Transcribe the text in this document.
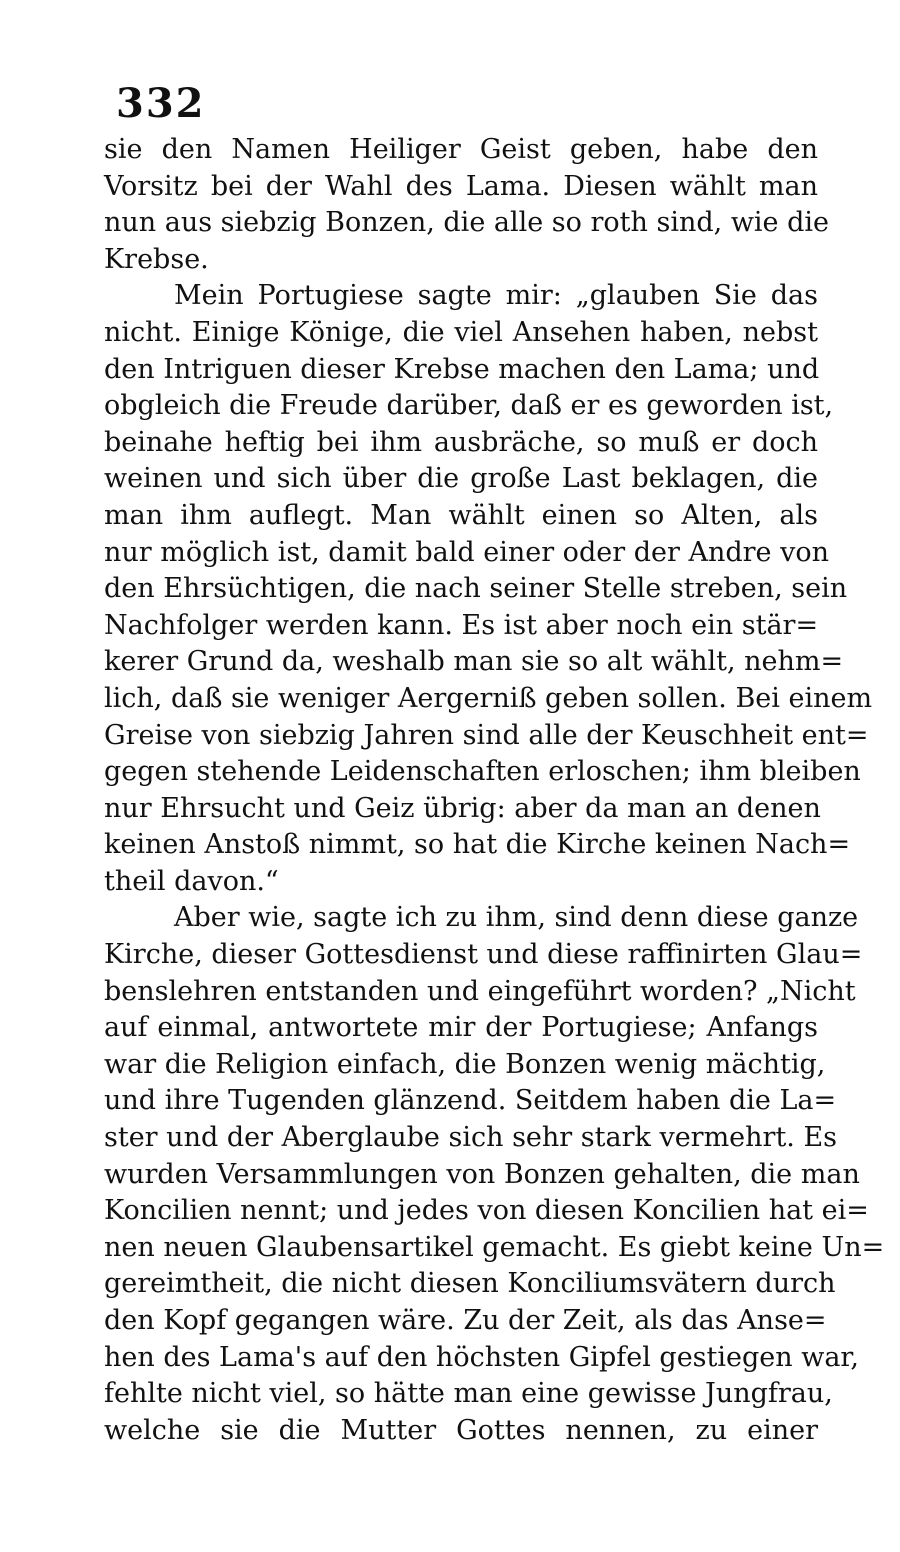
332
sie den Namen Heiliger Geist geben, habe den
Vorsitz bei der Wahl des Lama. Diesen wählt man
nun aus siebzig Bonzen, die alle so roth sind, wie die
Krebse.
Mein Portugiese sagte mir: „glauben Sie das
nicht. Einige Könige, die viel Ansehen haben, nebst
den Intriguen dieser Krebse machen den Lama; und
obgleich die Freude darüber, daß er es geworden ist,
beinahe heftig bei ihm ausbräche, so muß er doch
weinen und sich über die große Last beklagen, die
man ihm auflegt. Man wählt einen so Alten, als
nur möglich ist, damit bald einer oder der Andre von
den Ehrsüchtigen, die nach seiner Stelle streben, sein
Nachfolger werden kann. Es ist aber noch ein stär=
kerer Grund da, weshalb man sie so alt wählt, nehm=
lich, daß sie weniger Aergerniß geben sollen. Bei einem
Greise von siebzig Jahren sind alle der Keuschheit ent=
gegen stehende Leidenschaften erloschen; ihm bleiben
nur Ehrsucht und Geiz übrig: aber da man an denen
keinen Anstoß nimmt, so hat die Kirche keinen Nach=
theil davon.“
Aber wie, sagte ich zu ihm, sind denn diese ganze
Kirche, dieser Gottesdienst und diese raffinirten Glau=
benslehren entstanden und eingeführt worden? „Nicht
auf einmal, antwortete mir der Portugiese; Anfangs
war die Religion einfach, die Bonzen wenig mächtig,
und ihre Tugenden glänzend. Seitdem haben die La=
ster und der Aberglaube sich sehr stark vermehrt. Es
wurden Versammlungen von Bonzen gehalten, die man
Koncilien nennt; und jedes von diesen Koncilien hat ei=
nen neuen Glaubensartikel gemacht. Es giebt keine Un=
gereimtheit, die nicht diesen Konciliumsvätern durch
den Kopf gegangen wäre. Zu der Zeit, als das Anse=
hen des Lama's auf den höchsten Gipfel gestiegen war,
fehlte nicht viel, so hätte man eine gewisse Jungfrau,
welche sie die Mutter Gottes nennen, zu einer
